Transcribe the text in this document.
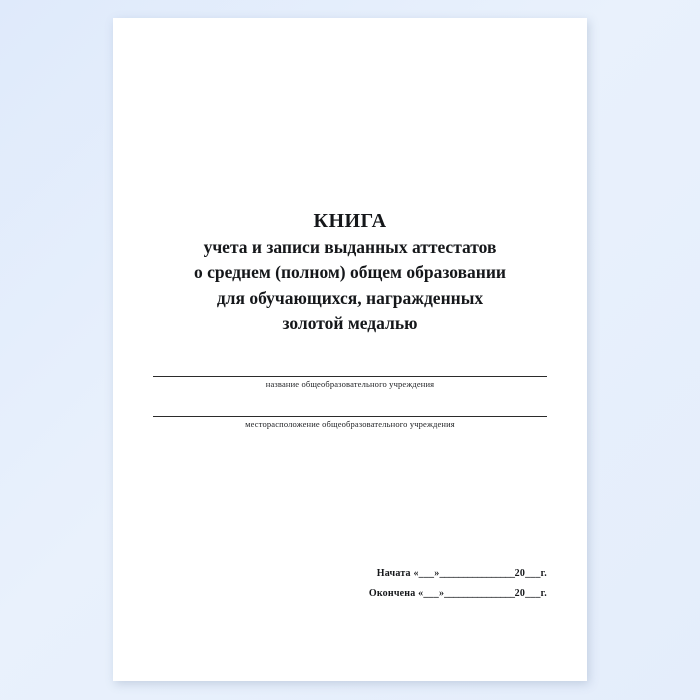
КНИГА
учета и записи выданных аттестатов
о среднем (полном) общем образовании
для обучающихся, награжденных
золотой медалью
название общеобразовательного учреждения
месторасположение общеобразовательного учреждения
Начата «___»________________20___г.
Окончена «___»_______________20___г.
